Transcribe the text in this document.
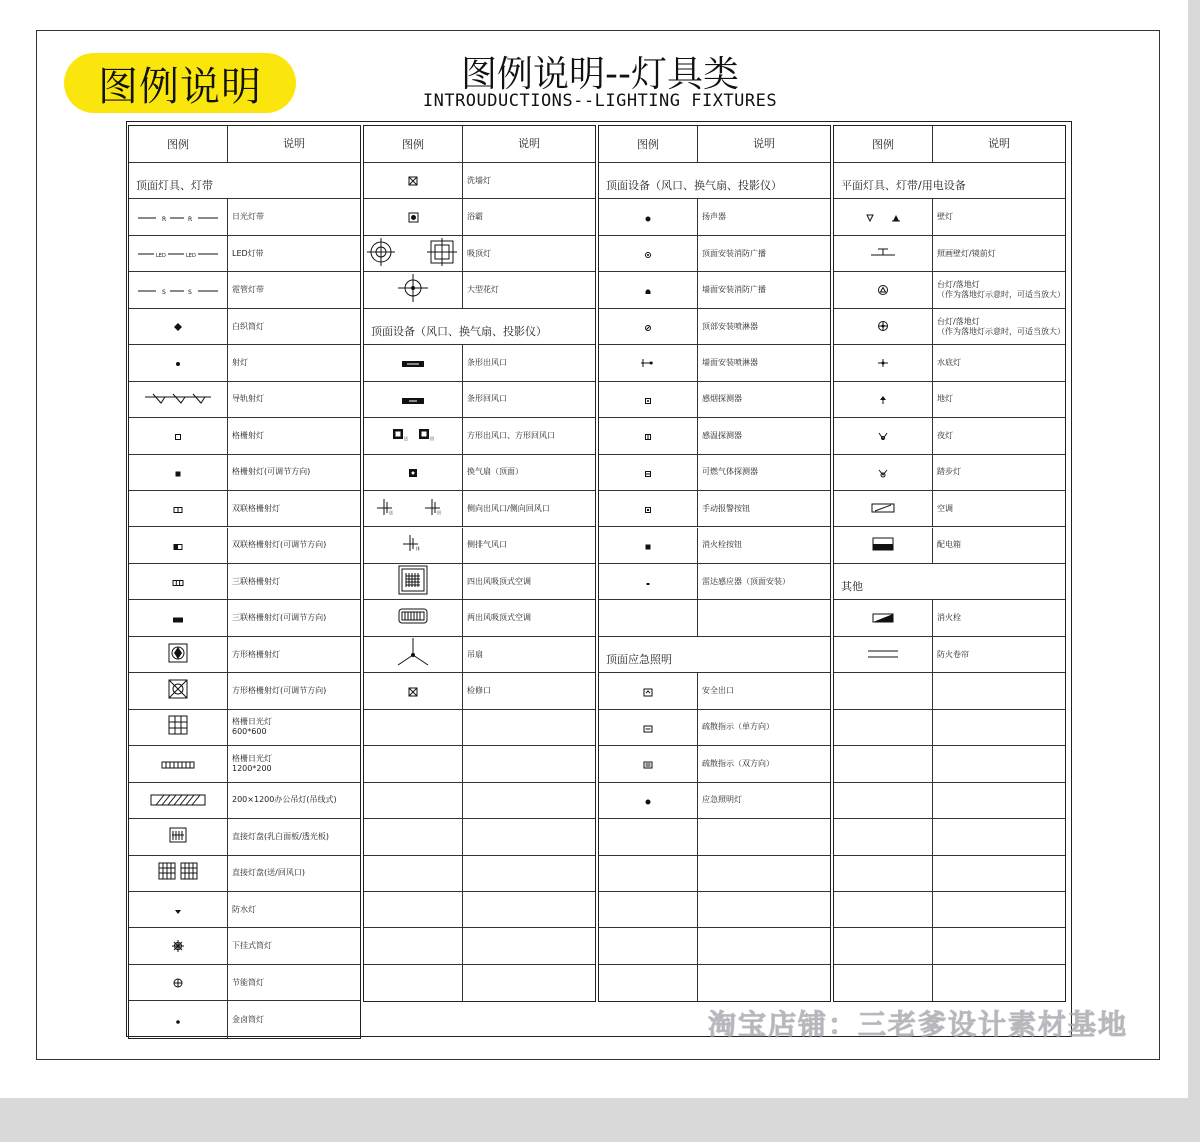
图例说明	图例说明--灯具类
INTROUDUCTIONS--LIGHTING FIXTURES
图例	说明
顶面灯具、灯带
R	R	日光灯带
LED	LED	LED灯带
S	S	霓管灯带
白织筒灯
射灯
导轨射灯
格栅射灯
格栅射灯(可调节方向)
双联格栅射灯
双联格栅射灯(可调节方向)
三联格栅射灯
三联格栅射灯(可调节方向)
方形格栅射灯
方形格栅射灯(可调节方向)
格栅日光灯
600*600
格栅日光灯
1200*200
200×1200办公吊灯(吊线式)
直接灯盘(乳白面板/透光板)
直接灯盘(送/回风口)
防水灯
下挂式筒灯
节能筒灯
金卤筒灯
图例	说明
洗墙灯
浴霸
吸顶灯
大型花灯
顶面设备（风口、换气扇、投影仪）
条形出风口
条形回风口
送	回	方形出风口、方形回风口
换气扇（顶面）
送	回	侧向出风口/侧向回风口
排	侧排气风口
四出风吸顶式空调
两出风吸顶式空调
吊扇
检修口
图例	说明
顶面设备（风口、换气扇、投影仪）
扬声器
顶面安装消防广播
墙面安装消防广播
顶部安装喷淋器
墙面安装喷淋器
感烟探测器
感温探测器
可燃气体探测器
手动报警按钮
消火栓按钮
雷达感应器（顶面安装）
顶面应急照明
安全出口
疏散指示（单方向）
疏散指示（双方向）
应急照明灯
图例	说明
平面灯具、灯带/用电设备
壁灯
照画壁灯/镜前灯
台灯/落地灯
（作为落地灯示意时，可适当放大）
台灯/落地灯
（作为落地灯示意时，可适当放大）
水底灯
地灯
夜灯
踏步灯
空调
配电箱
其他
消火栓
防火卷帘
淘宝店铺：三老爹设计素材基地
